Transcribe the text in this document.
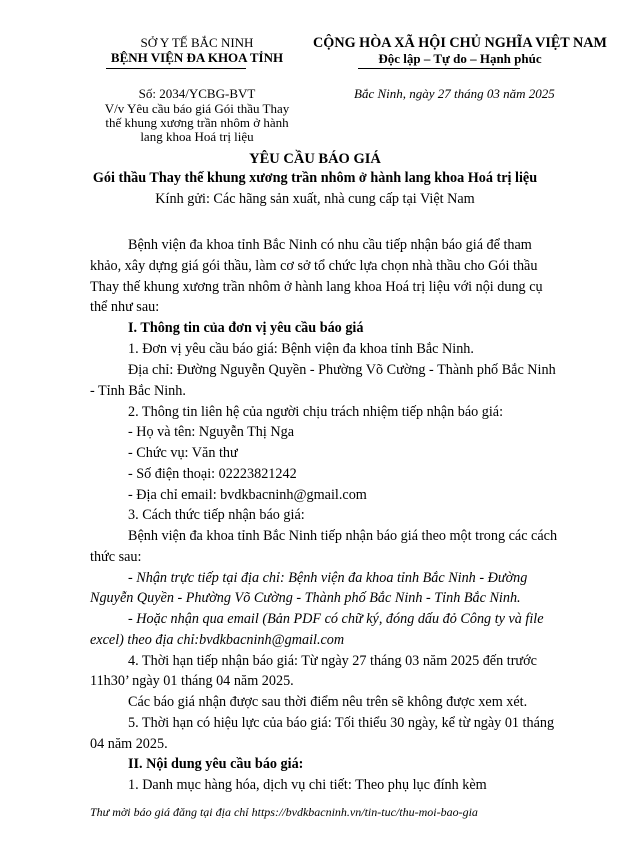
SỞ Y TẾ BẮC NINH
BỆNH VIỆN ĐA KHOA TỈNH
Số: 2034/YCBG-BVT
V/v Yêu cầu báo giá Gói thầu Thay
thế khung xương trần nhôm ở hành
lang khoa Hoá trị liệu
CỘNG HÒA XÃ HỘI CHỦ NGHĨA VIỆT NAM
Độc lập – Tự do – Hạnh phúc
Bắc Ninh, ngày 27 tháng 03 năm 2025
YÊU CẦU BÁO GIÁ
Gói thầu Thay thế khung xương trần nhôm ở hành lang khoa Hoá trị liệu
Kính gửi: Các hãng sản xuất, nhà cung cấp tại Việt Nam
Bệnh viện đa khoa tỉnh Bắc Ninh có nhu cầu tiếp nhận báo giá để tham
khảo, xây dựng giá gói thầu, làm cơ sở tổ chức lựa chọn nhà thầu cho Gói thầu
Thay thế khung xương trần nhôm ở hành lang khoa Hoá trị liệu với nội dung cụ
thể như sau:
I. Thông tin của đơn vị yêu cầu báo giá
1. Đơn vị yêu cầu báo giá: Bệnh viện đa khoa tỉnh Bắc Ninh.
Địa chỉ: Đường Nguyễn Quyền - Phường Võ Cường - Thành phố Bắc Ninh
- Tỉnh Bắc Ninh.
2. Thông tin liên hệ của người chịu trách nhiệm tiếp nhận báo giá:
- Họ và tên: Nguyễn Thị Nga
- Chức vụ: Văn thư
- Số điện thoại: 02223821242
- Địa chỉ email: bvdkbacninh@gmail.com
3. Cách thức tiếp nhận báo giá:
Bệnh viện đa khoa tỉnh Bắc Ninh tiếp nhận báo giá theo một trong các cách
thức sau:
- Nhận trực tiếp tại địa chỉ: Bệnh viện đa khoa tỉnh Bắc Ninh - Đường
Nguyễn Quyền - Phường Võ Cường - Thành phố Bắc Ninh - Tỉnh Bắc Ninh.
- Hoặc nhận qua email (Bản PDF có chữ ký, đóng dấu đỏ Công ty và file
excel) theo địa chỉ:bvdkbacninh@gmail.com
4. Thời hạn tiếp nhận báo giá: Từ ngày 27 tháng 03 năm 2025 đến trước
11h30’ ngày 01 tháng 04 năm 2025.
Các báo giá nhận được sau thời điểm nêu trên sẽ không được xem xét.
5. Thời hạn có hiệu lực của báo giá: Tối thiểu 30 ngày, kể từ ngày 01 tháng
04 năm 2025.
II. Nội dung yêu cầu báo giá:
1. Danh mục hàng hóa, dịch vụ chi tiết: Theo phụ lục đính kèm
Thư mời báo giá đăng tại địa chỉ https://bvdkbacninh.vn/tin-tuc/thu-moi-bao-gia
